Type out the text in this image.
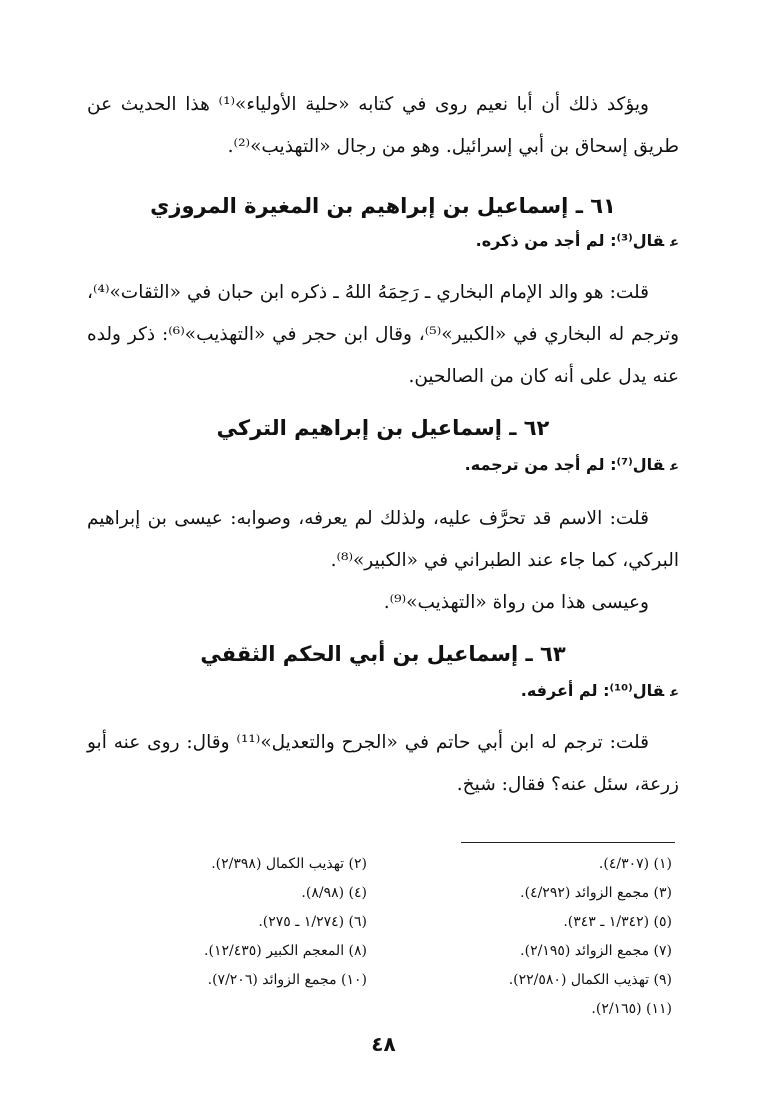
ويؤكد ذلك أن أبا نعيم روى في كتابه «حلية الأولياء»⁽¹⁾ هذا الحديث عن طريق إسحاق بن أبي إسرائيل. وهو من رجال «التهذيب»⁽²⁾.

٦١ ـ إسماعيل بن إبراهيم بن المغيرة المروزي

عقال⁽³⁾: لم أجد من ذكره.

قلت: هو والد الإمام البخاري ـ رَحِمَهُ اللهُ ـ ذكره ابن حبان في «الثقات»⁽⁴⁾، وترجم له البخاري في «الكبير»⁽⁵⁾، وقال ابن حجر في «التهذيب»⁽⁶⁾: ذكر ولده عنه يدل على أنه كان من الصالحين.

٦٢ ـ إسماعيل بن إبراهيم التركي

عقال⁽⁷⁾: لم أجد من ترجمه.

قلت: الاسم قد تحرَّف عليه، ولذلك لم يعرفه، وصوابه: عيسى بن إبراهيم البركي، كما جاء عند الطبراني في «الكبير»⁽⁸⁾.

وعيسى هذا من رواة «التهذيب»⁽⁹⁾.

٦٣ ـ إسماعيل بن أبي الحكم الثقفي

عقال⁽¹⁰⁾: لم أعرفه.

قلت: ترجم له ابن أبي حاتم في «الجرح والتعديل»⁽¹¹⁾ وقال: روى عنه أبو زرعة، سئل عنه؟ فقال: شيخ.

(١) (٤/٣٠٧).
(٣) مجمع الزوائد (٤/٢٩٢).
(٥) (١/٣٤٢ ـ ٣٤٣).
(٧) مجمع الزوائد (٢/١٩٥).
(٩) تهذيب الكمال (٢٢/٥٨٠).
(١١) (٢/١٦٥).
(٢) تهذيب الكمال (٢/٣٩٨).
(٤) (٨/٩٨).
(٦) (١/٢٧٤ ـ ٢٧٥).
(٨) المعجم الكبير (١٢/٤٣٥).
(١٠) مجمع الزوائد (٧/٢٠٦).
٤٨
